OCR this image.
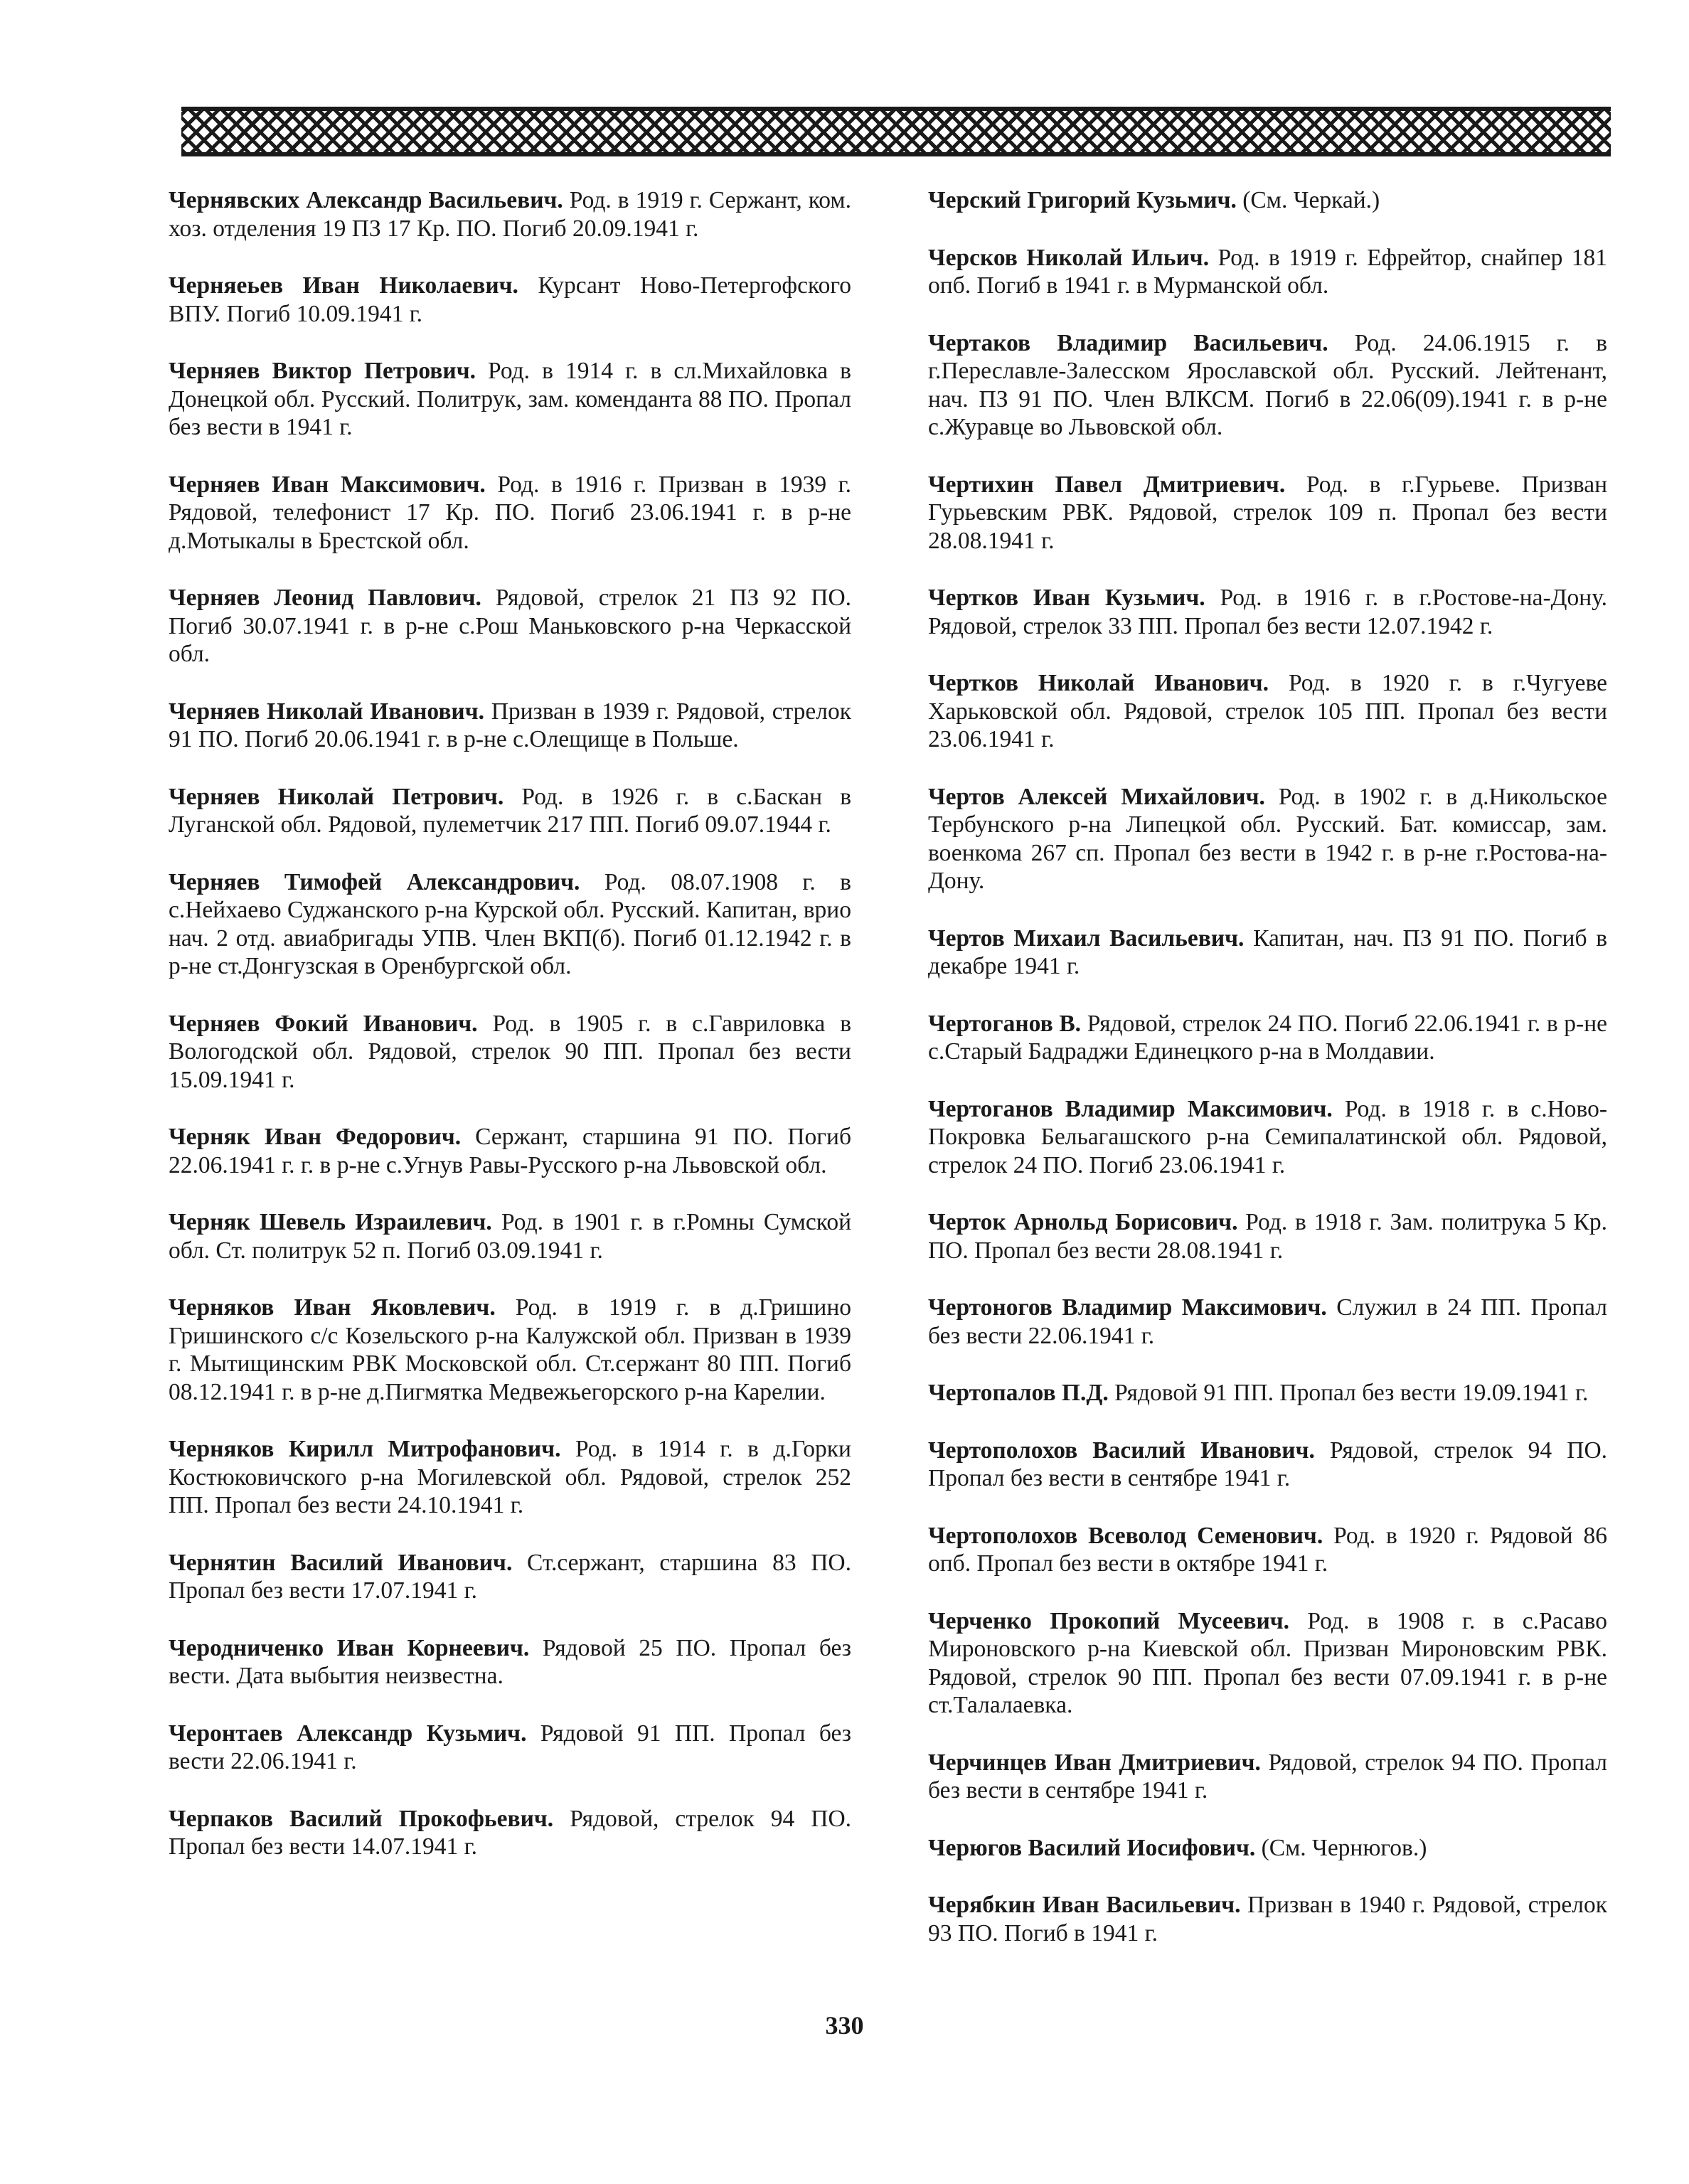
Чернявских Александр Васильевич. Род. в 1919 г. Сержант, ком. хоз. отделения 19 ПЗ 17 Кр. ПО. Погиб 20.09.1941 г.

Черняеьев Иван Николаевич. Курсант Ново-Петергофского ВПУ. Погиб 10.09.1941 г.

Черняев Виктор Петрович. Род. в 1914 г. в сл.Михайловка в Донецкой обл. Русский. Политрук, зам. коменданта 88 ПО. Пропал без вести в 1941 г.

Черняев Иван Максимович. Род. в 1916 г. Призван в 1939 г. Рядовой, телефонист 17 Кр. ПО. Погиб 23.06.1941 г. в р-не д.Мотыкалы в Брестской обл.

Черняев Леонид Павлович. Рядовой, стрелок 21 ПЗ 92 ПО. Погиб 30.07.1941 г. в р-не с.Рош Маньковского р-на Черкасской обл.

Черняев Николай Иванович. Призван в 1939 г. Рядовой, стрелок 91 ПО. Погиб 20.06.1941 г. в р-не с.Олещище в Польше.

Черняев Николай Петрович. Род. в 1926 г. в с.Баскан в Луганской обл. Рядовой, пулеметчик 217 ПП. Погиб 09.07.1944 г.

Черняев Тимофей Александрович. Род. 08.07.1908 г. в с.Нейхаево Суджанского р-на Курской обл. Русский. Капитан, врио нач. 2 отд. авиабригады УПВ. Член ВКП(б). Погиб 01.12.1942 г. в р-не ст.Донгузская в Оренбургской обл.

Черняев Фокий Иванович. Род. в 1905 г. в с.Гавриловка в Вологодской обл. Рядовой, стрелок 90 ПП. Пропал без вести 15.09.1941 г.

Черняк Иван Федорович. Сержант, старшина 91 ПО. Погиб 22.06.1941 г. г. в р-не с.Угнув Равы-Русского р-на Львовской обл.

Черняк Шевель Израилевич. Род. в 1901 г. в г.Ромны Сумской обл. Ст. политрук 52 п. Погиб 03.09.1941 г.

Черняков Иван Яковлевич. Род. в 1919 г. в д.Гришино Гришинского с/с Козельского р-на Калужской обл. Призван в 1939 г. Мытищинским РВК Московской обл. Ст.сержант 80 ПП. Погиб 08.12.1941 г. в р-не д.Пигмятка Медвежьегорского р-на Карелии.

Черняков Кирилл Митрофанович. Род. в 1914 г. в д.Горки Костюковичского р-на Могилевской обл. Рядовой, стрелок 252 ПП. Пропал без вести 24.10.1941 г.

Чернятин Василий Иванович. Ст.сержант, старшина 83 ПО. Пропал без вести 17.07.1941 г.

Черодниченко Иван Корнеевич. Рядовой 25 ПО. Пропал без вести. Дата выбытия неизвестна.

Черонтаев Александр Кузьмич. Рядовой 91 ПП. Пропал без вести 22.06.1941 г.

Черпаков Василий Прокофьевич. Рядовой, стрелок 94 ПО. Пропал без вести 14.07.1941 г.

Черский Григорий Кузьмич. (См. Черкай.)

Черсков Николай Ильич. Род. в 1919 г. Ефрейтор, снайпер 181 опб. Погиб в 1941 г. в Мурманской обл.

Чертаков Владимир Васильевич. Род. 24.06.1915 г. в г.Переславле-Залесском Ярославской обл. Русский. Лейтенант, нач. ПЗ 91 ПО. Член ВЛКСМ. Погиб в 22.06(09).1941 г. в р-не с.Журавце во Львовской обл.

Чертихин Павел Дмитриевич. Род. в г.Гурьеве. Призван Гурьевским РВК. Рядовой, стрелок 109 п. Пропал без вести 28.08.1941 г.

Чертков Иван Кузьмич. Род. в 1916 г. в г.Ростове-на-Дону. Рядовой, стрелок 33 ПП. Пропал без вести 12.07.1942 г.

Чертков Николай Иванович. Род. в 1920 г. в г.Чугуеве Харьковской обл. Рядовой, стрелок 105 ПП. Пропал без вести 23.06.1941 г.

Чертов Алексей Михайлович. Род. в 1902 г. в д.Никольское Тербунского р-на Липецкой обл. Русский. Бат. комиссар, зам. военкома 267 сп. Пропал без вести в 1942 г. в р-не г.Ростова-на-Дону.

Чертов Михаил Васильевич. Капитан, нач. ПЗ 91 ПО. Погиб в декабре 1941 г.

Чертоганов В. Рядовой, стрелок 24 ПО. Погиб 22.06.1941 г. в р-не с.Старый Бадраджи Единецкого р-на в Молдавии.

Чертоганов Владимир Максимович. Род. в 1918 г. в с.Ново-Покровка Бельагашского р-на Семипалатинской обл. Рядовой, стрелок 24 ПО. Погиб 23.06.1941 г.

Черток Арнольд Борисович. Род. в 1918 г. Зам. политрука 5 Кр. ПО. Пропал без вести 28.08.1941 г.

Чертоногов Владимир Максимович. Служил в 24 ПП. Пропал без вести 22.06.1941 г.

Чертопалов П.Д. Рядовой 91 ПП. Пропал без вести 19.09.1941 г.

Чертополохов Василий Иванович. Рядовой, стрелок 94 ПО. Пропал без вести в сентябре 1941 г.

Чертополохов Всеволод Семенович. Род. в 1920 г. Рядовой 86 опб. Пропал без вести в октябре 1941 г.

Черченко Прокопий Мусеевич. Род. в 1908 г. в с.Расаво Мироновского р-на Киевской обл. Призван Мироновским РВК. Рядовой, стрелок 90 ПП. Пропал без вести 07.09.1941 г. в р-не ст.Талалаевка.

Черчинцев Иван Дмитриевич. Рядовой, стрелок 94 ПО. Пропал без вести в сентябре 1941 г.

Черюгов Василий Иосифович. (См. Чернюгов.)

Черябкин Иван Васильевич. Призван в 1940 г. Рядовой, стрелок 93 ПО. Погиб в 1941 г.

330
